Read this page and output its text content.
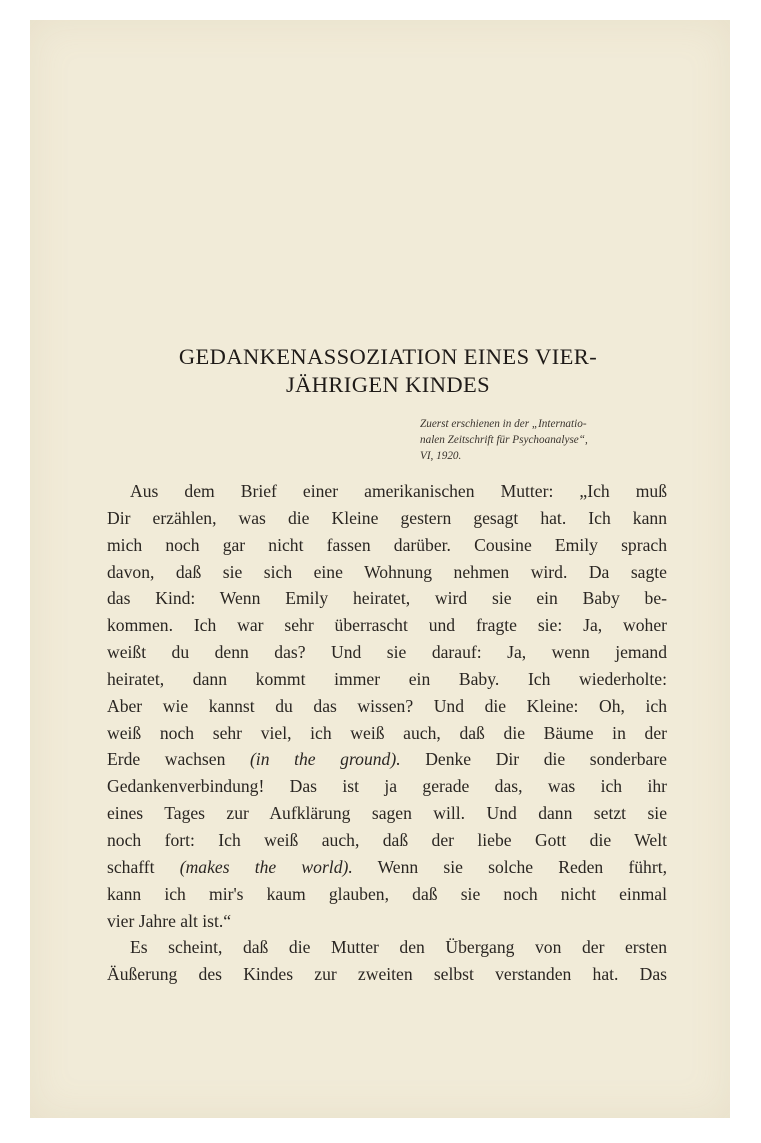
GEDANKENASSOZIATION EINES VIER-
JÄHRIGEN KINDES
Zuerst erschienen in der „Internatio-
nalen Zeitschrift für Psychoanalyse“,
VI, 1920.
Aus dem Brief einer amerikanischen Mutter: „Ich muß
Dir erzählen, was die Kleine gestern gesagt hat. Ich kann
mich noch gar nicht fassen darüber. Cousine Emily sprach
davon, daß sie sich eine Wohnung nehmen wird. Da sagte
das Kind: Wenn Emily heiratet, wird sie ein Baby be-
kommen. Ich war sehr überrascht und fragte sie: Ja, woher
weißt du denn das? Und sie darauf: Ja, wenn jemand
heiratet, dann kommt immer ein Baby. Ich wiederholte:
Aber wie kannst du das wissen? Und die Kleine: Oh, ich
weiß noch sehr viel, ich weiß auch, daß die Bäume in der
Erde wachsen (in the ground). Denke Dir die sonderbare
Gedankenverbindung! Das ist ja gerade das, was ich ihr
eines Tages zur Aufklärung sagen will. Und dann setzt sie
noch fort: Ich weiß auch, daß der liebe Gott die Welt
schafft (makes the world). Wenn sie solche Reden führt,
kann ich mir's kaum glauben, daß sie noch nicht einmal
vier Jahre alt ist.“
Es scheint, daß die Mutter den Übergang von der ersten
Äußerung des Kindes zur zweiten selbst verstanden hat. Das
